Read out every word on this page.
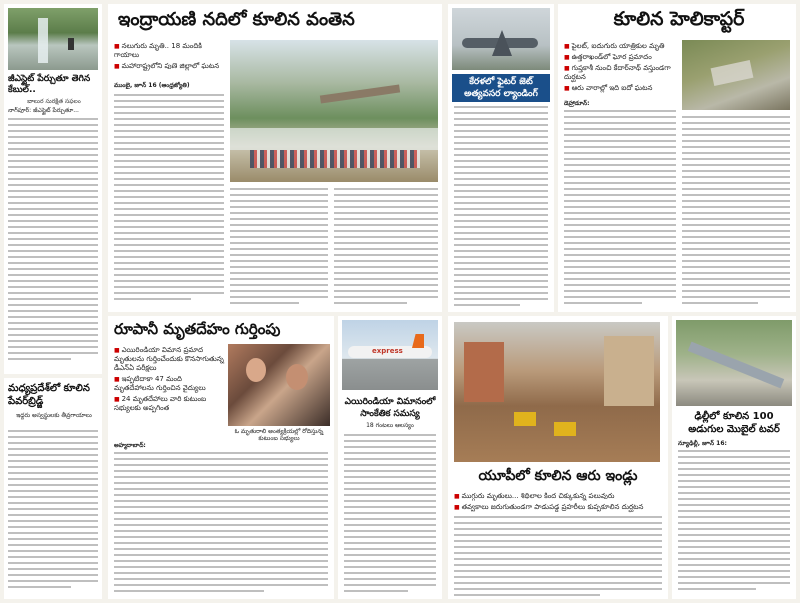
జీఎస్టైట్ పేర్చుతూ తెగిన కేబుల్..
బాలుర సురక్షిత సఫలం
నాగ్‌పూర్: జీఎస్టైట్ పేర్చుతూ...
మధ్యప్రదేశ్‌లో కూలిన పేవర్‌బ్రిడ్జ్
ఇద్దరు అస్వస్థులకు తీవ్రగాయాలు
ఇంద్రాయణి నదిలో కూలిన వంతెన
■ నలుగురు మృతి.. 18 మందికి గాయాలు
■ మహారాష్ట్రలోని పుణె జిల్లాలో ఘటన
ముంబై, జూన్ 16 (ఆంధ్రజ్యోతి)	కేరళలో ఫైటర్ జెట్ అత్యవసర ల్యాండింగ్
కూలిన హెలికాప్టర్
■ పైలట్, ఐదుగురు యాత్రికుల మృతి
■ ఉత్తరాఖండ్‌లో ఘోర ప్రమాదం
■ గుప్తకాశీ నుంచి కేదార్‌నాథ్ వస్తుండగా దుర్ఘటన
■ ఆరు వారాల్లో ఇది ఐదో ఘటన
డెహ్రాడూన్:
రూపానీ మృతదేహం గుర్తింపు
■ ఎయిరిండియా విమాన ప్రమాద మృతులను గుర్తించేందుకు కొనసాగుతున్న డీఎన్ఏ పరీక్షలు
■ ఇప్పటిదాకా 47 మంది మృతదేహాలను గుర్తించిన వైద్యులు
■ 24 మృతదేహాలు వారి కుటుంబ సభ్యులకు అప్పగింత
ఓ మృతురాలి అంత్యక్రియల్లో రోదిస్తున్న కుటుంబ సభ్యులు
అహ్మదాబాద్:
express
ఎయిరిండియా విమానంలో సాంకేతిక సమస్య
18 గంటలు ఆలస్యం
యూపీలో కూలిన ఆరు ఇండ్లు
■ ముగ్గురు మృతులు... శిథిలాల కింద చిక్కుకున్న పలువురు
■ తవ్వకాలు జరుగుతుండగా పాడుపడ్డ ప్రహరీలు కుప్పకూలిన దుర్ఘటన
ఢిల్లీలో కూలిన 100 అడుగుల మొబైల్ టవర్
న్యూఢిల్లీ, జూన్ 16:
